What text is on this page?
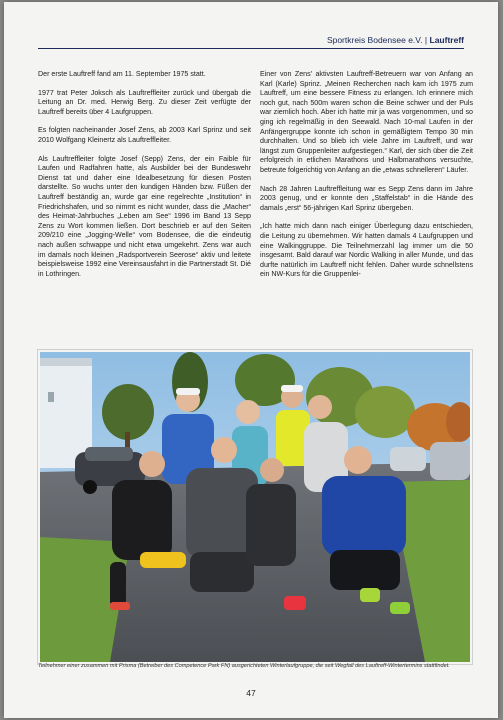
Sportkreis Bodensee e.V. | Lauftreff

Der erste Lauftreff fand am 11. September 1975 statt.

1977 trat Peter Joksch als Lauftreffleiter zurück und übergab die Leitung an Dr. med. Herwig Berg. Zu dieser Zeit verfügte der Lauftreff bereits über 4 Laufgruppen.

Es folgten nacheinander Josef Zens, ab 2003 Karl Sprinz und seit 2010 Wolfgang Kleinertz als Lauftreffleiter.

Als Lauftreffleiter folgte Josef (Sepp) Zens, der ein Faible für Laufen und Radfahren hatte, als Ausbilder bei der Bundeswehr Dienst tat und daher eine Idealbesetzung für diesen Posten darstellte. So wuchs unter den kundigen Händen bzw. Füßen der Lauftreff beständig an, wurde gar eine regelrechte „Institution“ in Friedrichshafen, und so nimmt es nicht wunder, dass die „Macher“ des Heimat-Jahrbuches „Leben am See“ 1996 im Band 13 Sepp Zens zu Wort kommen ließen. Dort beschrieb er auf den Seiten 209/210 eine „Jogging-Welle“ vom Bodensee, die die eindeutig nach außen schwappe und nicht etwa umgekehrt. Zens war auch im damals noch kleinen „Radsportverein Seerose“ aktiv und leitete beispielsweise 1992 eine Vereinsausfahrt in die Partnerstadt St. Dié in Lothringen.

Einer von Zens' aktivsten Lauftreff-Betreuern war von Anfang an Karl (Karle) Sprinz. „Meinen Recherchen nach kam ich 1975 zum Lauftreff, um eine bessere Fitness zu erlangen. Ich erinnere mich noch gut, nach 500m waren schon die Beine schwer und der Puls war ziemlich hoch. Aber ich hatte mir ja was vorgenommen, und so ging ich regelmäßig in den Seewald. Nach 10-mal Laufen in der Anfängergruppe konnte ich schon in gemäßigtem Tempo 30 min durchhalten. Und so blieb ich viele Jahre im Lauftreff, und war längst zum Gruppenleiter aufgestiegen.“ Karl, der sich über die Zeit erfolgreich in etlichen Marathons und Halbmarathons versuchte, betreute folgerichtig von Anfang an die „etwas schnelleren“ Läufer.

Nach 28 Jahren Lauftreffleitung war es Sepp Zens dann im Jahre 2003 genug, und er konnte den „Staffelstab“ in die Hände des damals „erst“ 56-jährigen Karl Sprinz übergeben.

„Ich hatte mich dann nach einiger Überlegung dazu entschieden, die Leitung zu übernehmen. Wir hatten damals 4 Laufgruppen und eine Walkinggruppe. Die Teilnehmerzahl lag immer um die 50 insgesamt. Bald darauf war Nordic Walking in aller Munde, und das durfte natürlich im Lauftreff nicht fehlen. Daher wurde schnellstens ein NW-Kurs für die Gruppenlei-

Teilnehmer einer zusammen mit Prisma (Betreiber des Competence Park FN) ausgerichteten Winterlaufgruppe, die seit Wegfall des Lauftreff-Wintertermins stattfindet.
47
